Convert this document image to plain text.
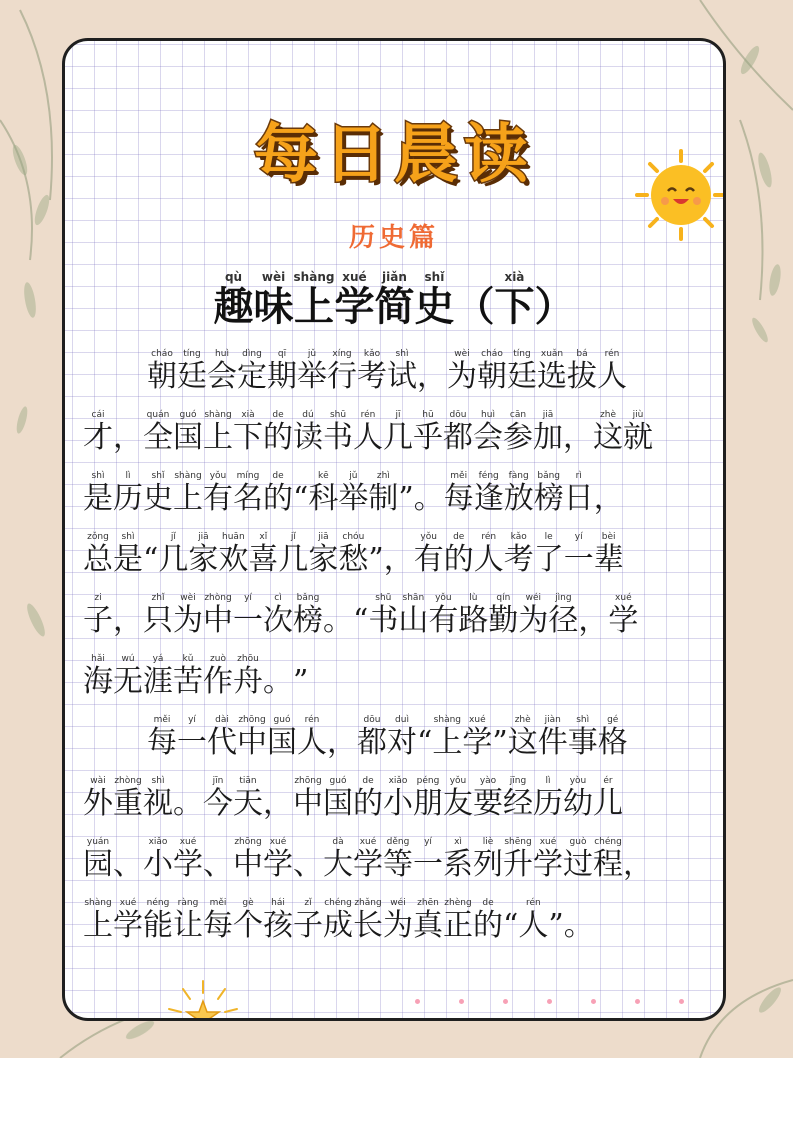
每日晨读
历史篇
趣qù味wèi上shàng学xué简jiǎn史shǐ（ 下xià）
朝cháo廷tíng会huì定dìng期qī举jǔ行xíng考kǎo试shì， 为wèi朝cháo廷tíng选xuǎn拔bá人rén
才cái， 全quán国guó上shàng下xià的de读dú书shū人rén几jī乎hū都dōu会huì参cān加jiā， 这zhè就jiù
是shì历lì史shǐ上shàng有yǒu名míng的de“ 科kē举jǔ制zhì” 。 每měi逢féng放fàng榜bǎng日rì，
总zǒng是shì“ 几jǐ家jiā欢huān喜xǐ几jǐ家jiā愁chóu” ， 有yǒu的de人rén考kǎo了le一yí辈bèi
子zi， 只zhǐ为wèi中zhòng一yí次cì榜bǎng。 “ 书shū山shān有yǒu路lù勤qín为wéi径jìng， 学xué
海hǎi无wú涯yá苦kǔ作zuò舟zhōu。 ”
每měi一yí代dài中zhōng国guó人rén， 都dōu对duì“ 上shàng学xué” 这zhè件jiàn事shì格gé
外wài重zhòng视shì。 今jīn天tiān， 中zhōng国guó的de小xiǎo朋péng友yǒu要yào经jīng历lì幼yòu儿ér
园yuán、 小xiǎo学xué、 中zhōng学xué、 大dà学xué等děng一yí系xì列liè升shēng学xué过guò程chéng，
上shàng学xué能néng让ràng每měi个gè孩hái子zǐ成chéng长zhǎng为wéi真zhēn正zhèng的de“ 人rén” 。
